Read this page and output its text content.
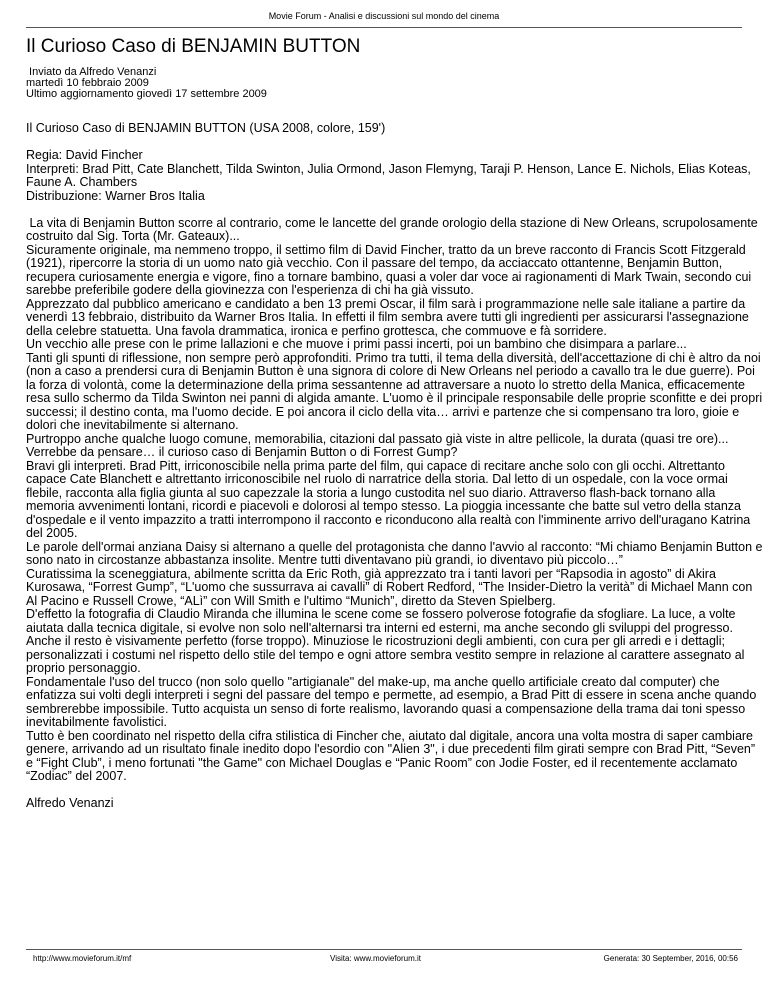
Movie Forum - Analisi e discussioni sul mondo del cinema
Il Curioso Caso di BENJAMIN BUTTON
Inviato da Alfredo Venanzi
martedì 10 febbraio 2009
Ultimo aggiornamento giovedì 17 settembre 2009

Il Curioso Caso di BENJAMIN BUTTON (USA 2008, colore, 159')

Regia: David Fincher

Interpreti: Brad Pitt, Cate Blanchett, Tilda Swinton, Julia Ormond, Jason Flemyng, Taraji P. Henson, Lance E. Nichols, Elias Koteas, Faune A. Chambers

Distribuzione: Warner Bros Italia

La vita di Benjamin Button scorre al contrario, come le lancette del grande orologio della stazione di New Orleans, scrupolosamente costruito dal Sig. Torta (Mr. Gateaux)...

Sicuramente originale, ma nemmeno troppo, il settimo film di David Fincher, tratto da un breve racconto di Francis Scott Fitzgerald (1921), ripercorre la storia di un uomo nato già vecchio. Con il passare del tempo, da acciaccato ottantenne, Benjamin Button, recupera curiosamente energia e vigore, fino a tornare bambino, quasi a voler dar voce ai ragionamenti di Mark Twain, secondo cui sarebbe preferibile godere della giovinezza con l'esperienza di chi ha già vissuto.

Apprezzato dal pubblico americano e candidato a ben 13 premi Oscar, il film sarà i programmazione nelle sale italiane a partire da venerdì 13 febbraio, distribuito da Warner Bros Italia. In effetti il film sembra avere tutti gli ingredienti per assicurarsi l'assegnazione della celebre statuetta. Una favola drammatica, ironica e perfino grottesca, che commuove e fà sorridere.

Un vecchio alle prese con le prime lallazioni e che muove i primi passi incerti, poi un bambino che disimpara a parlare...

Tanti gli spunti di riflessione, non sempre però approfonditi. Primo tra tutti, il tema della diversità, dell'accettazione di chi è altro da noi (non a caso a prendersi cura di Benjamin Button è una signora di colore di New Orleans nel periodo a cavallo tra le due guerre). Poi la forza di volontà, come la determinazione della prima sessantenne ad attraversare a nuoto lo stretto della Manica, efficacemente resa sullo schermo da Tilda Swinton nei panni di algida amante. L'uomo è il principale responsabile delle proprie sconfitte e dei propri successi; il destino conta, ma l'uomo decide. E poi ancora il ciclo della vita… arrivi e partenze che si compensano tra loro, gioie e dolori che inevitabilmente si alternano.

Purtroppo anche qualche luogo comune, memorabilia, citazioni dal passato già viste in altre pellicole, la durata (quasi tre ore)...

Verrebbe da pensare… il curioso caso di Benjamin Button o di Forrest Gump?

Bravi gli interpreti. Brad Pitt, irriconoscibile nella prima parte del film, qui capace di recitare anche solo con gli occhi. Altrettanto capace Cate Blanchett e altrettanto irriconoscibile nel ruolo di narratrice della storia. Dal letto di un ospedale, con la voce ormai flebile, racconta alla figlia giunta al suo capezzale la storia a lungo custodita nel suo diario. Attraverso flash-back tornano alla memoria avvenimenti lontani, ricordi e piacevoli e dolorosi al tempo stesso. La pioggia incessante che batte sul vetro della stanza d'ospedale e il vento impazzito a tratti interrompono il racconto e riconducono alla realtà con l'imminente arrivo dell'uragano Katrina del 2005.

Le parole dell'ormai anziana Daisy si alternano a quelle del protagonista che danno l'avvio al racconto: “Mi chiamo Benjamin Button e sono nato in circostanze abbastanza insolite. Mentre tutti diventavano più grandi, io diventavo più piccolo…”

Curatissima la sceneggiatura, abilmente scritta da Eric Roth, già apprezzato tra i tanti lavori per “Rapsodia in agosto” di Akira Kurosawa, “Forrest Gump”, “L'uomo che sussurrava ai cavalli” di Robert Redford, “The Insider-Dietro la verità” di Michael Mann con Al Pacino e Russell Crowe, “ALì” con Will Smith e l'ultimo “Munich”, diretto da Steven Spielberg.

D'effetto la fotografia di Claudio Miranda che illumina le scene come se fossero polverose fotografie da sfogliare. La luce, a volte aiutata dalla tecnica digitale, si evolve non solo nell'alternarsi tra interni ed esterni, ma anche secondo gli sviluppi del progresso.

Anche il resto è visivamente perfetto (forse troppo). Minuziose le ricostruzioni degli ambienti, con cura per gli arredi e i dettagli; personalizzati i costumi nel rispetto dello stile del tempo e ogni attore sembra vestito sempre in relazione al carattere assegnato al proprio personaggio.

Fondamentale l'uso del trucco (non solo quello "artigianale" del make-up, ma anche quello artificiale creato dal computer) che enfatizza sui volti degli interpreti i segni del passare del tempo e permette, ad esempio, a Brad Pitt di essere in scena anche quando sembrerebbe impossibile. Tutto acquista un senso di forte realismo, lavorando quasi a compensazione della trama dai toni spesso inevitabilmente favolistici.

Tutto è ben coordinato nel rispetto della cifra stilistica di Fincher che, aiutato dal digitale, ancora una volta mostra di saper cambiare genere, arrivando ad un risultato finale inedito dopo l'esordio con "Alien 3", i due precedenti film girati sempre con Brad Pitt, “Seven” e “Fight Club”, i meno fortunati "the Game" con Michael Douglas e “Panic Room” con Jodie Foster, ed il recentemente acclamato “Zodiac” del 2007.

Alfredo Venanzi

http://www.movieforum.it/mf	Visita: www.movieforum.it	Generata: 30 September, 2016, 00:56
